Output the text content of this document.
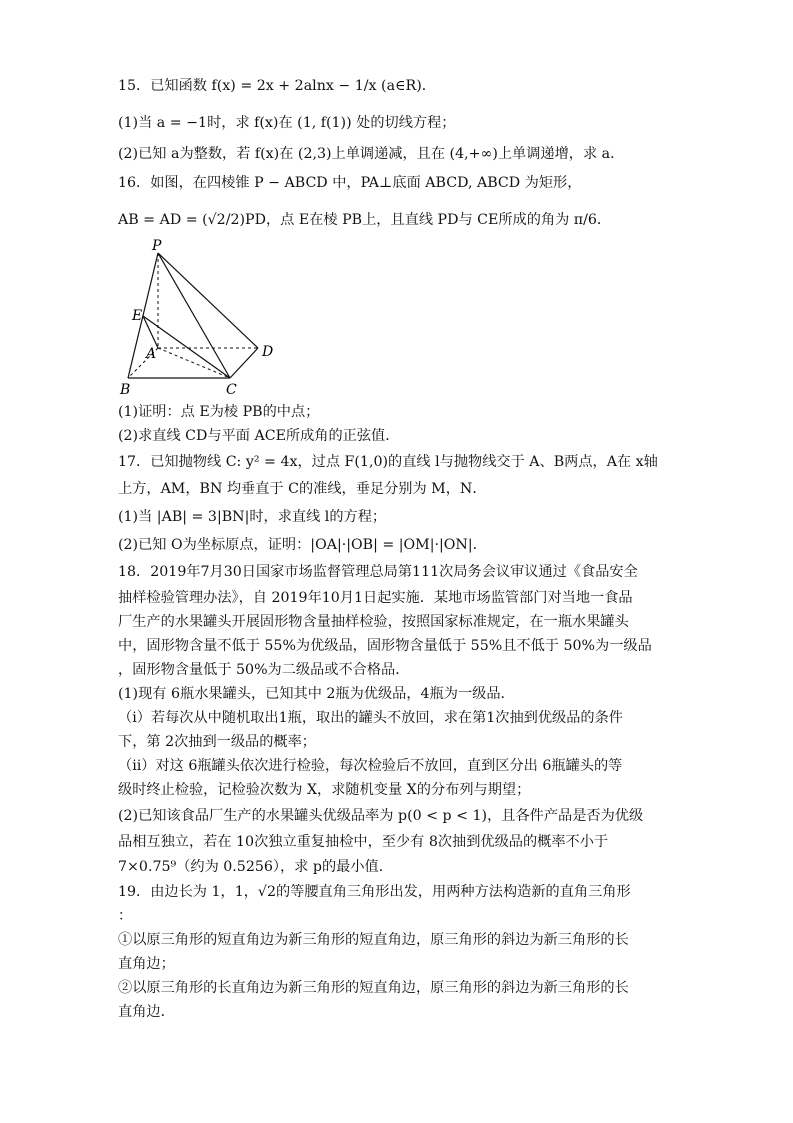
15．已知函数 f(x) = 2x + 2alnx − 1/x (a∈R)．
(1)当 a = −1时，求 f(x)在 (1, f(1)) 处的切线方程；
(2)已知 a为整数，若 f(x)在 (2,3)上单调递减，且在 (4,+∞)上单调递增，求 a．
16．如图，在四棱锥 P − ABCD 中，PA⊥底面 ABCD, ABCD 为矩形，
AB = AD = (√2/2)PD，点 E在棱 PB上，且直线 PD与 CE所成的角为 π/6．
P
E
A	D
B	C
(1)证明：点 E为棱 PB的中点；
(2)求直线 CD与平面 ACE所成角的正弦值．
17．已知抛物线 C: y² = 4x，过点 F(1,0)的直线 l与抛物线交于 A、B两点，A在 x轴
上方，AM，BN 均垂直于 C的准线，垂足分别为 M，N．
(1)当 |AB| = 3|BN|时，求直线 l的方程；
(2)已知 O为坐标原点，证明：|OA|·|OB| = |OM|·|ON|．
18．2019年7月30日国家市场监督管理总局第111次局务会议审议通过《食品安全
抽样检验管理办法》，自 2019年10月1日起实施．某地市场监管部门对当地一食品
厂生产的水果罐头开展固形物含量抽样检验，按照国家标准规定，在一瓶水果罐头
中，固形物含量不低于 55%为优级品，固形物含量低于 55%且不低于 50%为一级品
，固形物含量低于 50%为二级品或不合格品．
(1)现有 6瓶水果罐头，已知其中 2瓶为优级品，4瓶为一级品．
（ⅰ）若每次从中随机取出1瓶，取出的罐头不放回，求在第1次抽到优级品的条件
下，第 2次抽到一级品的概率；
（ⅱ）对这 6瓶罐头依次进行检验，每次检验后不放回，直到区分出 6瓶罐头的等
级时终止检验，记检验次数为 X，求随机变量 X的分布列与期望；
(2)已知该食品厂生产的水果罐头优级品率为 p(0 < p < 1)，且各件产品是否为优级
品相互独立，若在 10次独立重复抽检中，至少有 8次抽到优级品的概率不小于
7×0.75⁹（约为 0.5256），求 p的最小值．
19．由边长为 1，1，√2的等腰直角三角形出发，用两种方法构造新的直角三角形
：
①以原三角形的短直角边为新三角形的短直角边，原三角形的斜边为新三角形的长
直角边；
②以原三角形的长直角边为新三角形的短直角边，原三角形的斜边为新三角形的长
直角边．
